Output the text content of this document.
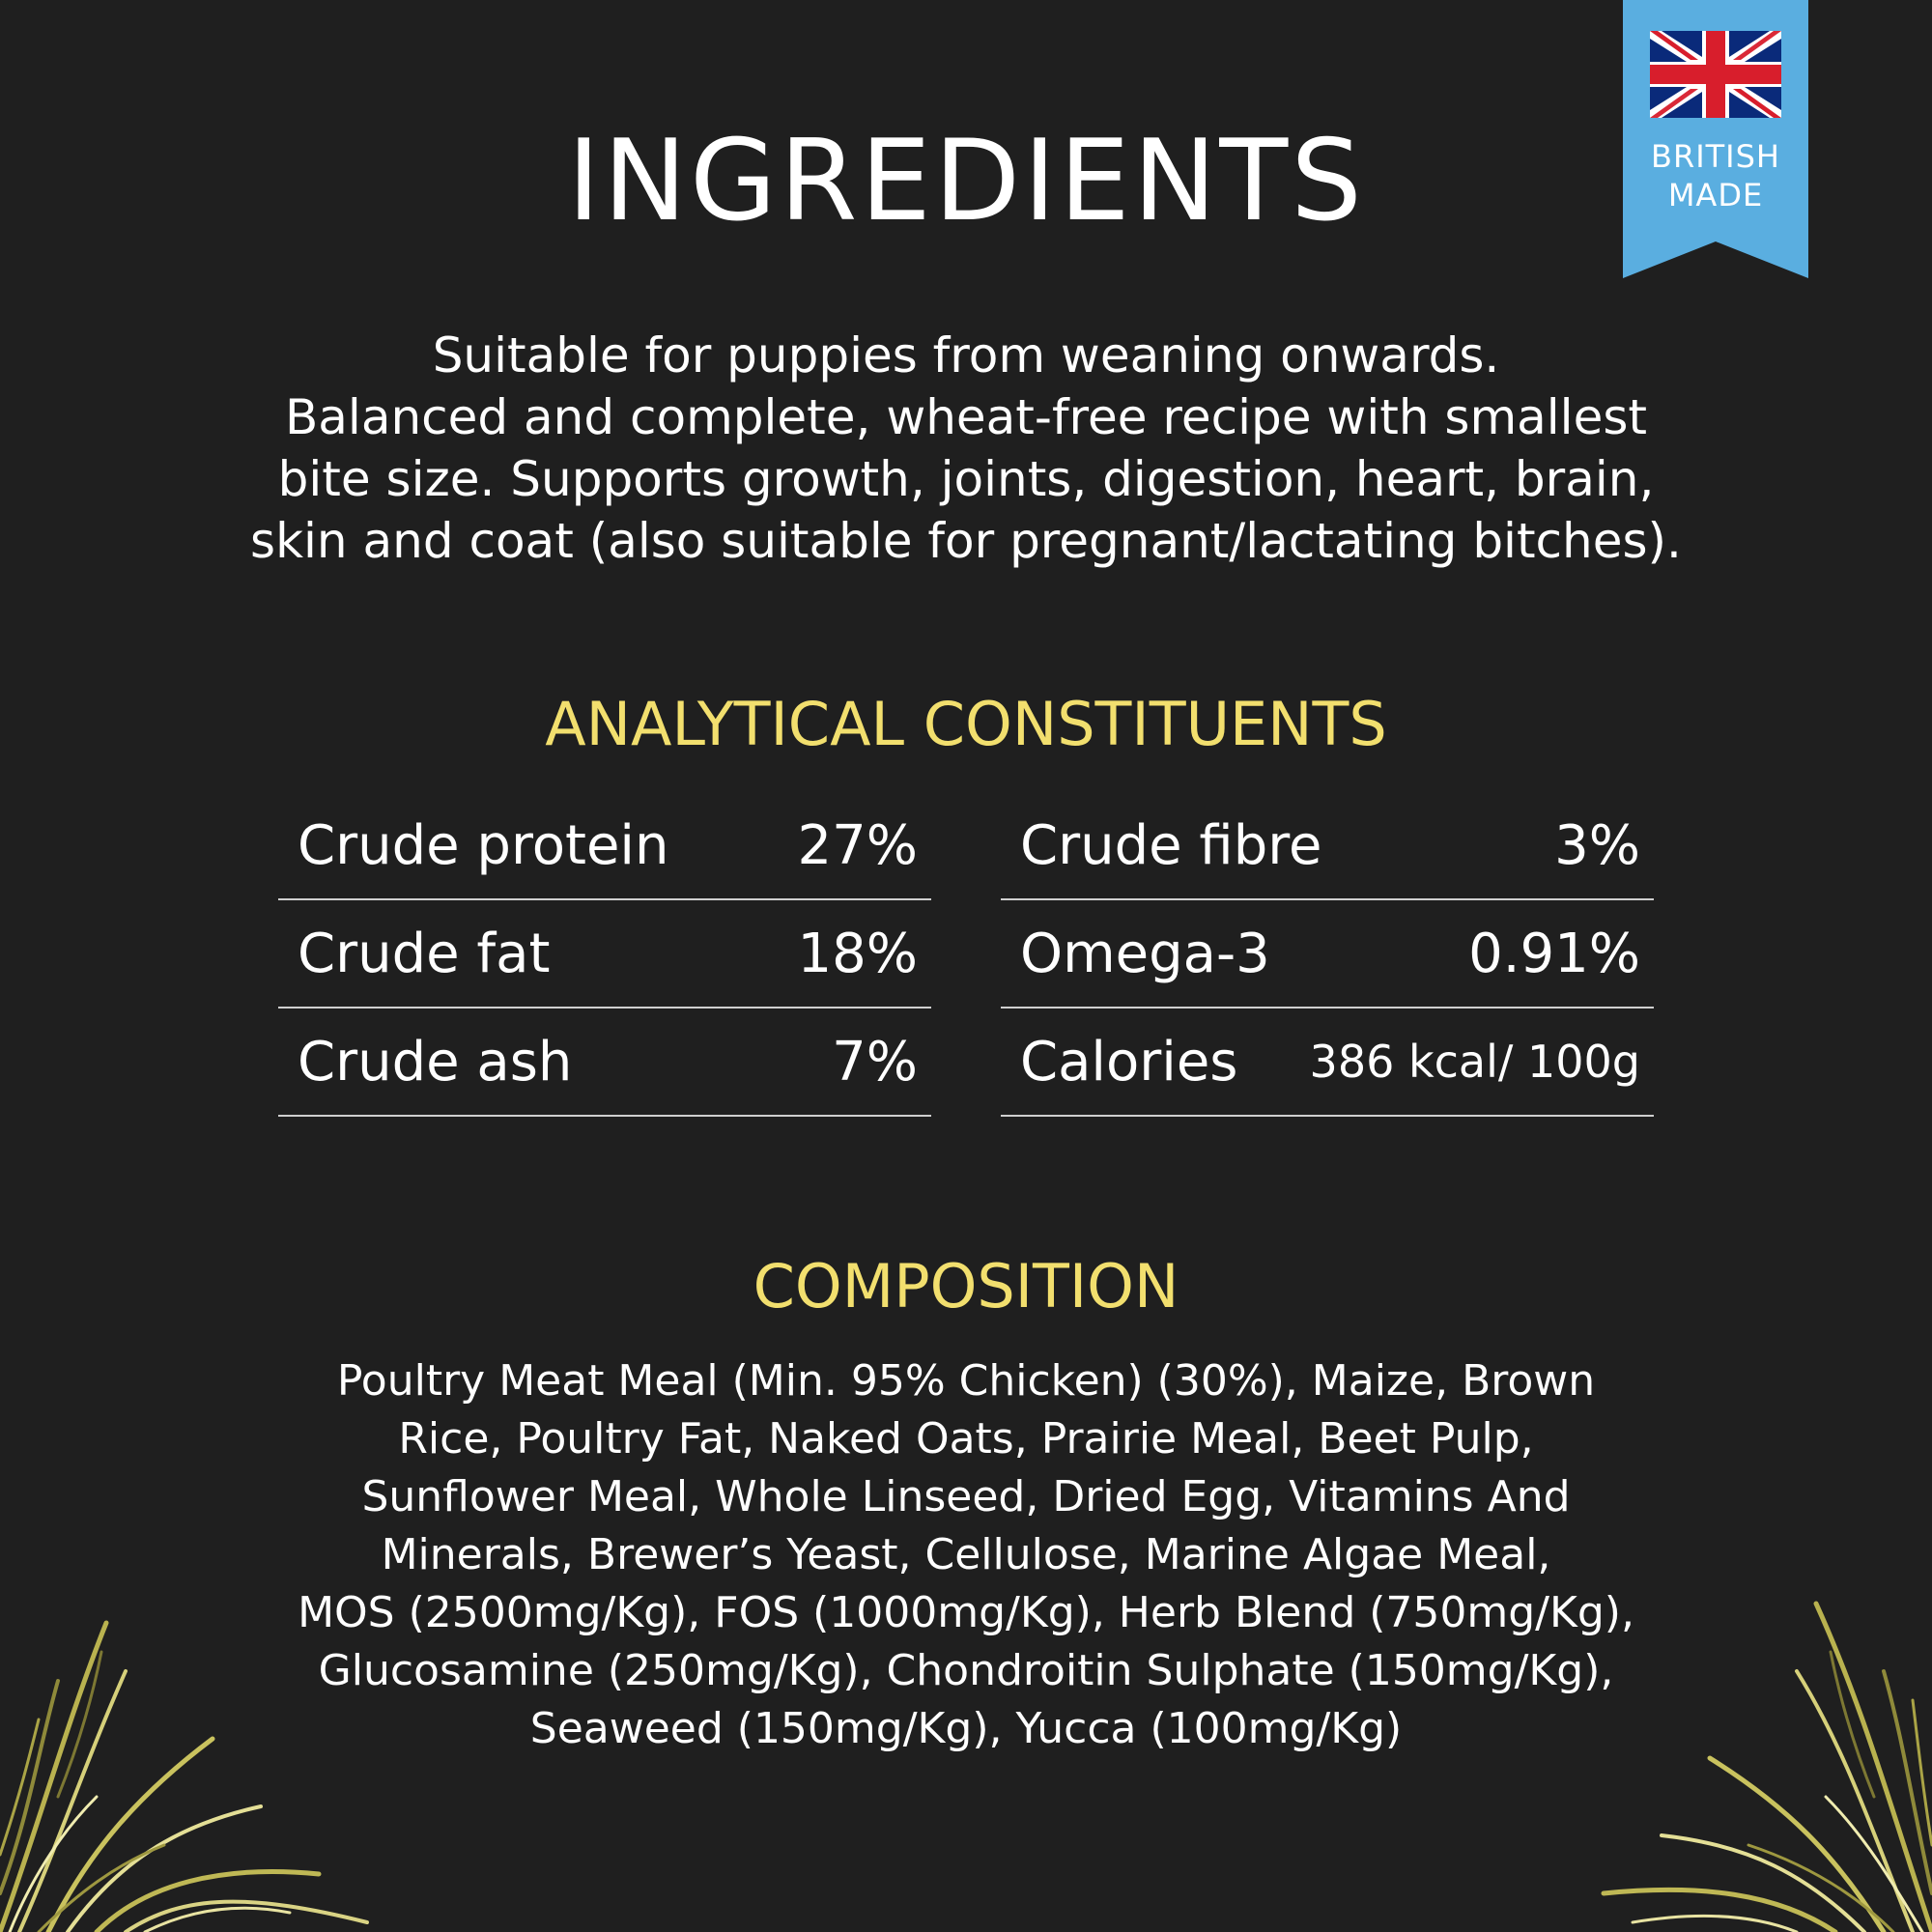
BRITISH
MADE
INGREDIENTS
Suitable for puppies from weaning onwards.
Balanced and complete, wheat-free recipe with smallest
bite size. Supports growth, joints, digestion, heart, brain,
skin and coat (also suitable for pregnant/lactating bitches).
ANALYTICAL CONSTITUENTS
Crude protein 27%
Crude fat	18%
Crude ash	7%
Crude fibre	3%
Omega-3	0.91%
Calories 386 kcal/ 100g
COMPOSITION
Poultry Meat Meal (Min. 95% Chicken) (30%), Maize, Brown
Rice, Poultry Fat, Naked Oats, Prairie Meal, Beet Pulp,
Sunflower Meal, Whole Linseed, Dried Egg, Vitamins And
Minerals, Brewer’s Yeast, Cellulose, Marine Algae Meal,
MOS (2500mg/Kg), FOS (1000mg/Kg), Herb Blend (750mg/Kg),
Glucosamine (250mg/Kg), Chondroitin Sulphate (150mg/Kg),
Seaweed (150mg/Kg), Yucca (100mg/Kg)
